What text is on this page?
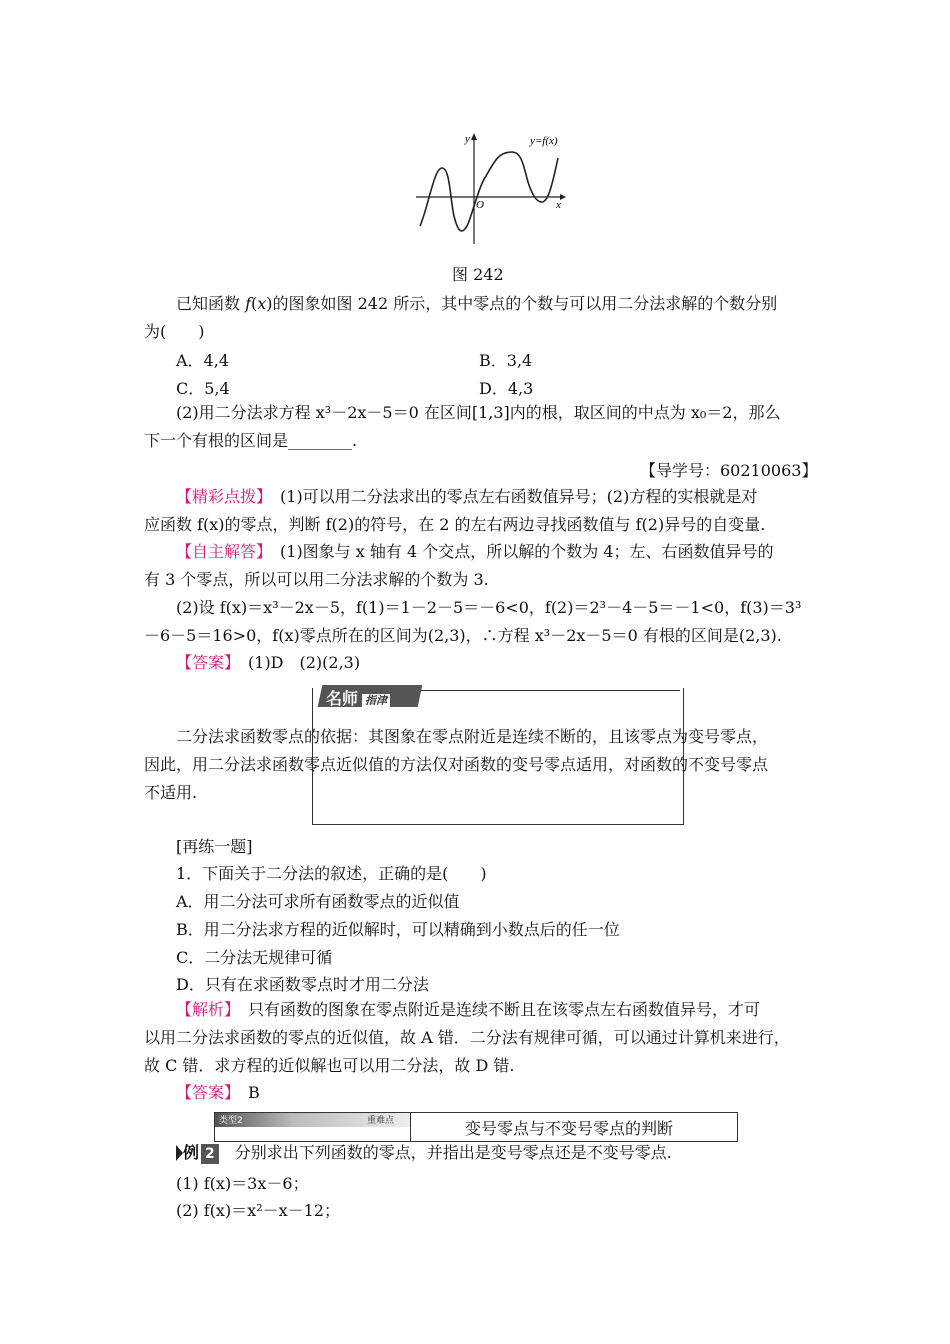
y
x
O
y=f(x)
图 242
已知函数 f(x)的图象如图 242 所示，其中零点的个数与可以用二分法求解的个数分别
为(　　)
A．4,4	B．3,4
C．5,4	D．4,3
(2)用二分法求方程 x³－2x－5＝0 在区间[1,3]内的根，取区间的中点为 x₀＝2，那么
下一个有根的区间是________.
【导学号：60210063】
【精彩点拨】　(1)可以用二分法求出的零点左右函数值异号；(2)方程的实根就是对
应函数 f(x)的零点，判断 f(2)的符号，在 2 的左右两边寻找函数值与 f(2)异号的自变量.
【自主解答】　(1)图象与 x 轴有 4 个交点，所以解的个数为 4；左、右函数值异号的
有 3 个零点，所以可以用二分法求解的个数为 3.
(2)设 f(x)＝x³－2x－5，f(1)＝1－2－5＝－6<0，f(2)＝2³－4－5＝－1<0，f(3)＝3³
－6－5＝16>0，f(x)零点所在的区间为(2,3)，∴方程 x³－2x－5＝0 有根的区间是(2,3).
【答案】　(1)D　(2)(2,3)
名师 指津
二分法求函数零点的依据：其图象在零点附近是连续不断的，且该零点为变号零点，
因此，用二分法求函数零点近似值的方法仅对函数的变号零点适用，对函数的不变号零点
不适用.
[再练一题]
1．下面关于二分法的叙述，正确的是(　　)
A．用二分法可求所有函数零点的近似值
B．用二分法求方程的近似解时，可以精确到小数点后的任一位
C．二分法无规律可循
D．只有在求函数零点时才用二分法
【解析】　只有函数的图象在零点附近是连续不断且在该零点左右函数值异号，才可
以用二分法求函数的零点的近似值，故 A 错．二分法有规律可循，可以通过计算机来进行，
故 C 错．求方程的近似解也可以用二分法，故 D 错.
【答案】　B
类型2	重难点	变号零点与不变号零点的判断
例 2　分别求出下列函数的零点，并指出是变号零点还是不变号零点.
(1) f(x)＝3x－6；
(2) f(x)＝x²－x－12；
